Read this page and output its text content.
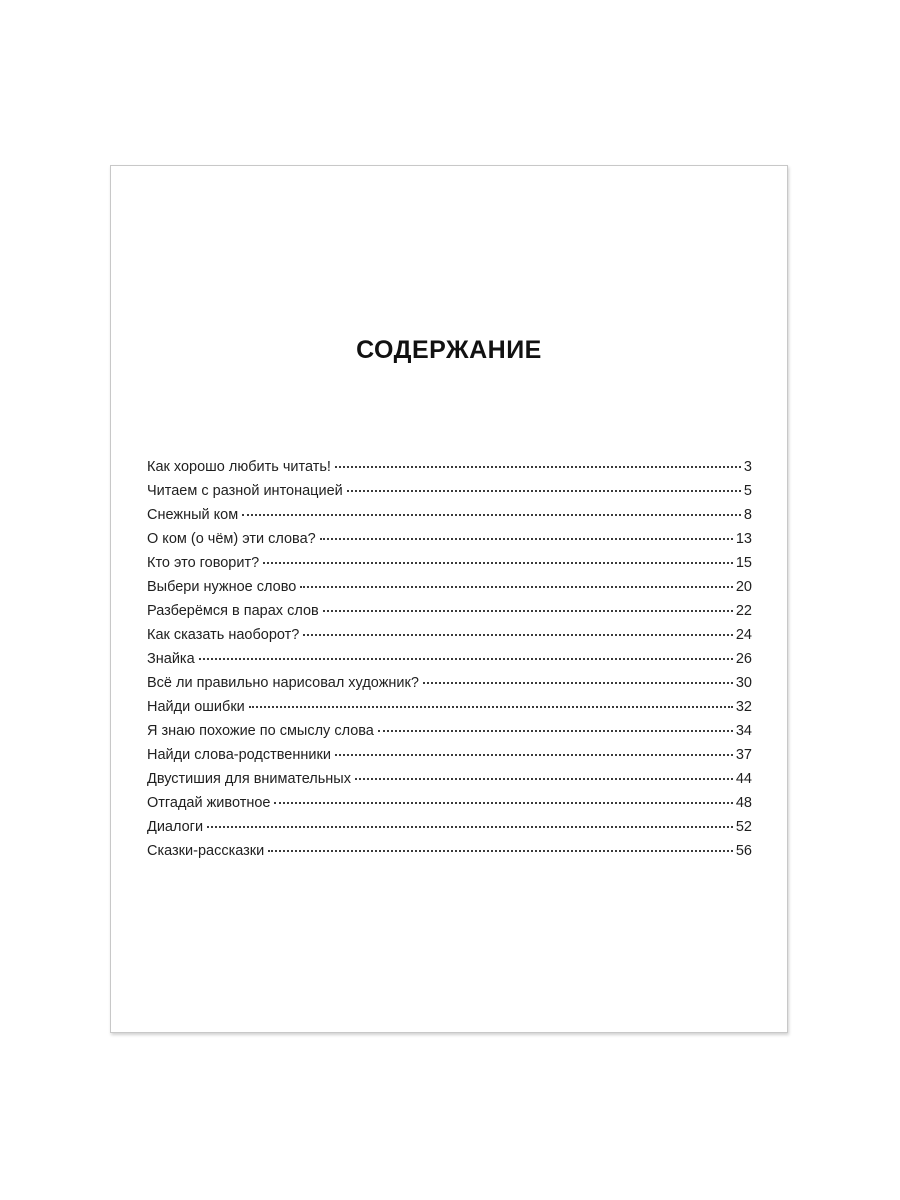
СОДЕРЖАНИЕ
Как хорошо любить читать!	3
Читаем с разной интонацией	5
Снежный ком	8
О ком (о чём) эти слова?	13
Кто это говорит?	15
Выбери нужное слово	20
Разберёмся в парах слов	22
Как сказать наоборот?	24
Знайка	26
Всё ли правильно нарисовал художник?	30
Найди ошибки	32
Я знаю похожие по смыслу слова	34
Найди слова-родственники	37
Двустишия для внимательных	44
Отгадай животное	48
Диалоги	52
Сказки-рассказки	56
